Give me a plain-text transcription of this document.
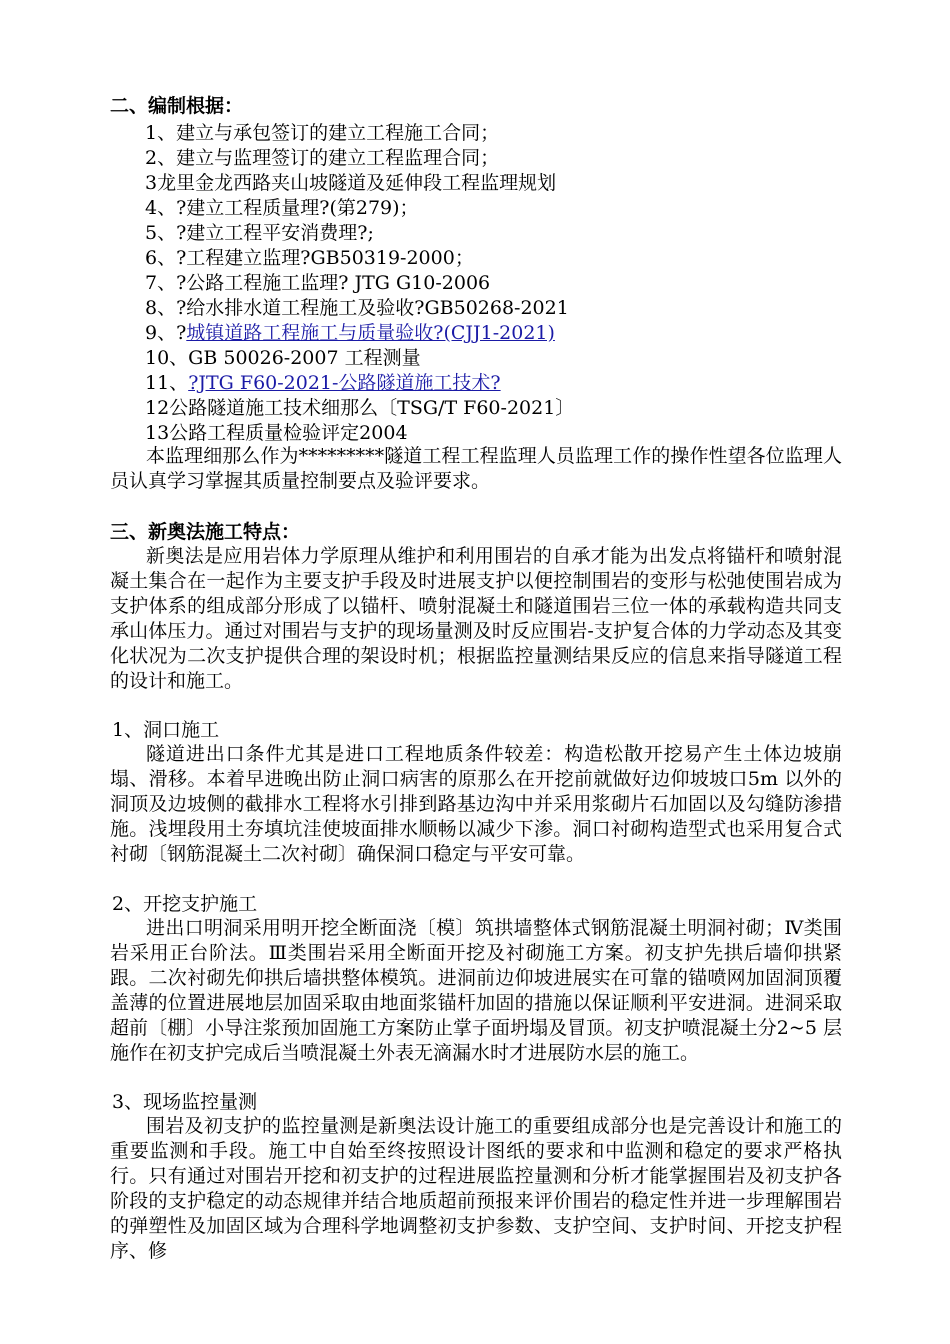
二、编制根据：
1、建立与承包签订的建立工程施工合同；
2、建立与监理签订的建立工程监理合同；
3龙里金龙西路夹山坡隧道及延伸段工程监理规划
4、?建立工程质量理?(第279)；
5、?建立工程平安消费理?;
6、?工程建立监理?GB50319-2000；
7、?公路工程施工监理? JTG G10-2006
8、?给水排水道工程施工及验收?GB50268-2021
9、?城镇道路工程施工与质量验收?(CJJ1-2021)
10、GB 50026-2007 工程测量
11、?JTG F60-2021-公路隧道施工技术?
12公路隧道施工技术细那么〔TSG/T F60-2021〕
13公路工程质量检验评定2004
本监理细那么作为*********隧道工程工程监理人员监理工作的操作性望各位监理人员认真学习掌握其质量控制要点及验评要求。
三、新奥法施工特点：
新奥法是应用岩体力学原理从维护和利用围岩的自承才能为出发点将锚杆和喷射混凝土集合在一起作为主要支护手段及时进展支护以便控制围岩的变形与松弛使围岩成为支护体系的组成部分形成了以锚杆、喷射混凝土和隧道围岩三位一体的承载构造共同支承山体压力。通过对围岩与支护的现场量测及时反应围岩-支护复合体的力学动态及其变化状况为二次支护提供合理的架设时机；根据监控量测结果反应的信息来指导隧道工程的设计和施工。
1、洞口施工
隧道进出口条件尤其是进口工程地质条件较差：构造松散开挖易产生土体边坡崩塌、滑移。本着早进晚出防止洞口病害的原那么在开挖前就做好边仰坡坡口5m 以外的洞顶及边坡侧的截排水工程将水引排到路基边沟中并采用浆砌片石加固以及勾缝防渗措施。浅埋段用土夯填坑洼使坡面排水顺畅以减少下渗。洞口衬砌构造型式也采用复合式衬砌〔钢筋混凝土二次衬砌〕确保洞口稳定与平安可靠。
2、开挖支护施工
进出口明洞采用明开挖全断面浇〔模〕筑拱墙整体式钢筋混凝土明洞衬砌；Ⅳ类围岩采用正台阶法。Ⅲ类围岩采用全断面开挖及衬砌施工方案。初支护先拱后墙仰拱紧跟。二次衬砌先仰拱后墙拱整体模筑。进洞前边仰坡进展实在可靠的锚喷网加固洞顶覆盖薄的位置进展地层加固采取由地面浆锚杆加固的措施以保证顺利平安进洞。进洞采取超前〔棚〕小导注浆预加固施工方案防止掌子面坍塌及冒顶。初支护喷混凝土分2~5 层施作在初支护完成后当喷混凝土外表无滴漏水时才进展防水层的施工。
3、现场监控量测
围岩及初支护的监控量测是新奥法设计施工的重要组成部分也是完善设计和施工的重要监测和手段。施工中自始至终按照设计图纸的要求和中监测和稳定的要求严格执行。只有通过对围岩开挖和初支护的过程进展监控量测和分析才能掌握围岩及初支护各阶段的支护稳定的动态规律并结合地质超前预报来评价围岩的稳定性并进一步理解围岩的弹塑性及加固区域为合理科学地调整初支护参数、支护空间、支护时间、开挖支护程序、修
